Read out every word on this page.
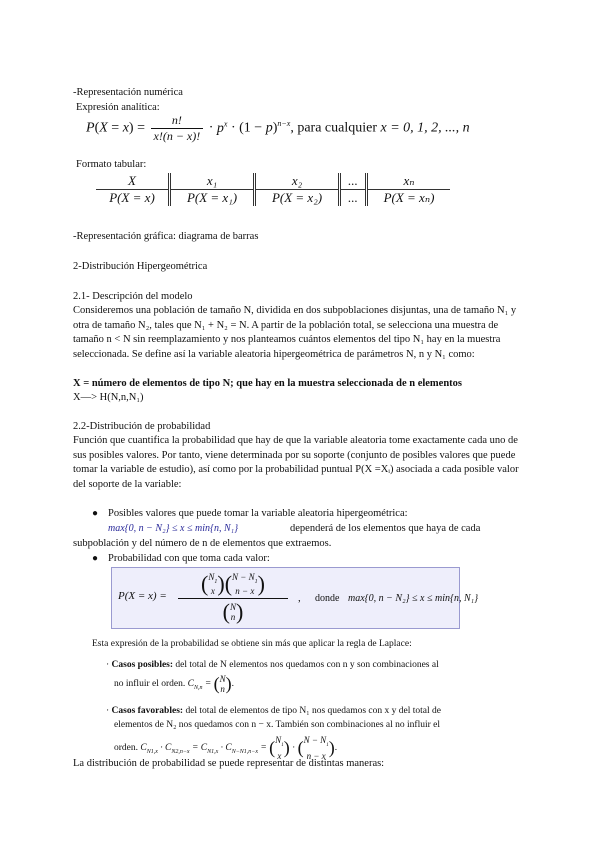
-Representación numérica
Expresión analítica:
$P(X = x) = \frac{n!}{x!(n - x)!} \cdot p^x \cdot (1 - p)^{n-x}$, para cualquier x = 0, 1, 2, ..., n
Formato tabular:
X	x₁	x₂	...	xₙ
P(X = x)	P(X = x₁)	P(X = x₂)	...	P(X = xₙ)
-Representación gráfica: diagrama de barras
2-Distribución Hipergeométrica
2.1- Descripción del modelo
Consideremos una población de tamaño N, dividida en dos subpoblaciones disjuntas, una de tamaño N₁ y otra de tamaño N₂, tales que N₁ + N₂ = N. A partir de la población total, se selecciona una muestra de tamaño n < N sin reemplazamiento y nos planteamos cuántos elementos del tipo N₁ hay en la muestra seleccionada. Se define así la variable aleatoria hipergeométrica de parámetros N, n y N₁ como:
X = número de elementos de tipo N; que hay en la muestra seleccionada de n elementos
X—> H(N,n,N₁)
2.2-Distribución de probabilidad
Función que cuantifica la probabilidad que hay de que la variable aleatoria tome exactamente cada uno de sus posibles valores. Por tanto, viene determinada por su soporte (conjunto de posibles valores que puede tomar la variable de estudio), así como por la probabilidad puntual P(X =Xᵢ) asociada a cada posible valor del soporte de la variable:
● Posibles valores que puede tomar la variable aleatoria hipergeométrica:
max{0, n − N₂} ≤ x ≤ min{n, N₁}	dependerá de los elementos que haya de cada
subpoblación y del número de n de elementos que extraemos.
● Probabilidad con que toma cada valor:
P(X = x) =	($N_1$
x )($N - N_1$
n − x )
(N
n)
, donde max{0, n − N₂} ≤ x ≤ min{n, N₁}
Esta expresión de la probabilidad se obtiene sin más que aplicar la regla de Laplace:
· Casos posibles: del total de N elementos nos quedamos con n y son combinaciones al
no influir el orden. $C_{N,n} = (N$
n).
· Casos favorables: del total de elementos de tipo N₁ nos quedamos con x y del total de
elementos de N₂ nos quedamos con n − x. También son combinaciones al no influir el
orden. $C_{N1,x} \cdot C_{N2,n-x} = C_{N1,x} \cdot C_{N-N1,n-x} = (N_1$
x ) · ($N - N_1$
n − x ).
La distribución de probabilidad se puede representar de distintas maneras:
